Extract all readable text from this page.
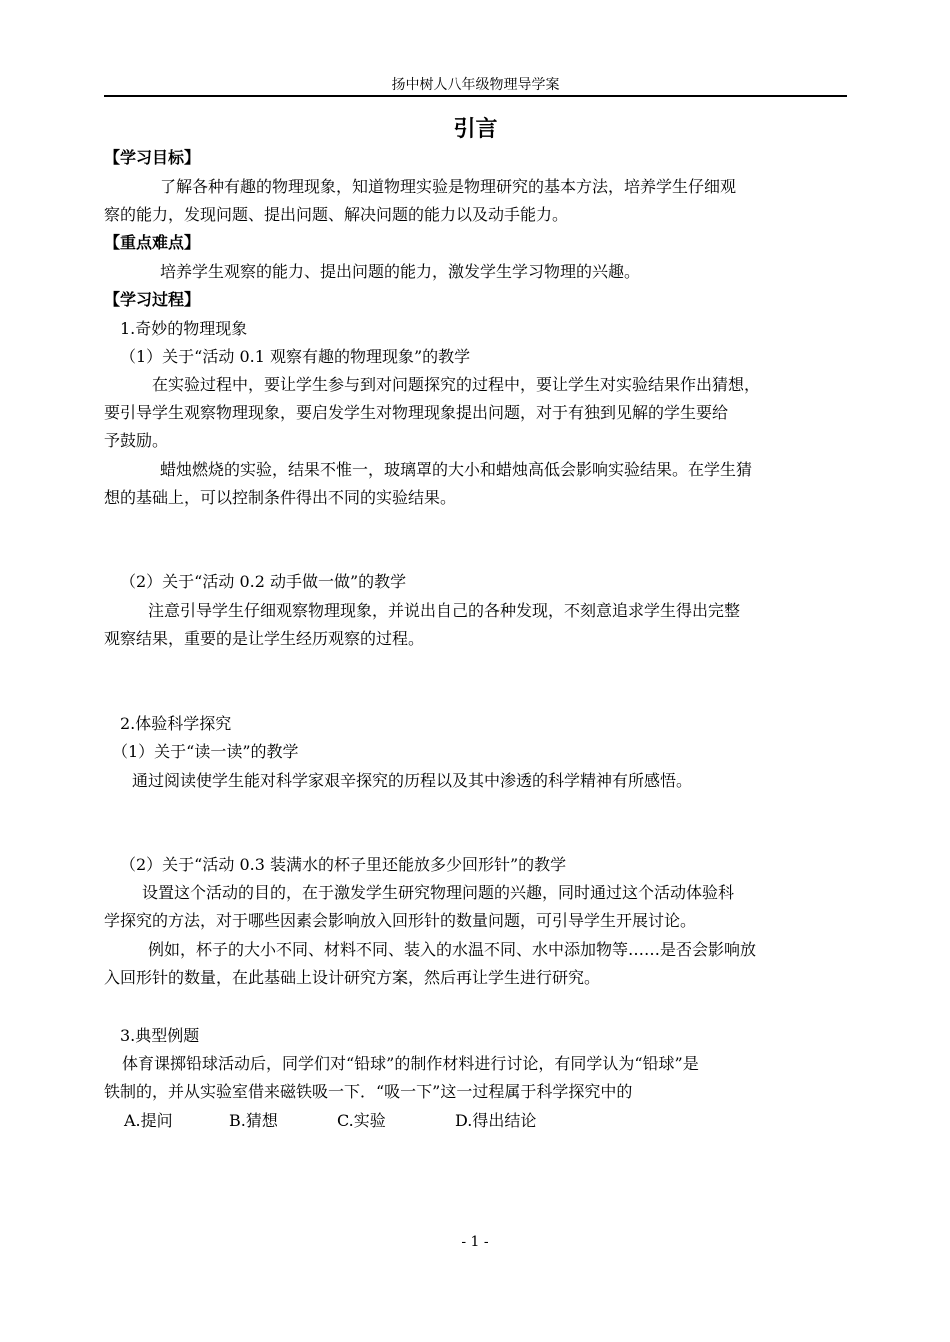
扬中树人八年级物理导学案
引言
【学习目标】
了解各种有趣的物理现象，知道物理实验是物理研究的基本方法，培养学生仔细观
察的能力，发现问题、提出问题、解决问题的能力以及动手能力。
【重点难点】
培养学生观察的能力、提出问题的能力，激发学生学习物理的兴趣。
【学习过程】
1.奇妙的物理现象
（1）关于“活动 0.1 观察有趣的物理现象”的教学
在实验过程中，要让学生参与到对问题探究的过程中，要让学生对实验结果作出猜想，
要引导学生观察物理现象，要启发学生对物理现象提出问题，对于有独到见解的学生要给
予鼓励。
蜡烛燃烧的实验，结果不惟一，玻璃罩的大小和蜡烛高低会影响实验结果。在学生猜
想的基础上，可以控制条件得出不同的实验结果。
（2）关于“活动 0.2 动手做一做”的教学
注意引导学生仔细观察物理现象，并说出自己的各种发现，不刻意追求学生得出完整
观察结果，重要的是让学生经历观察的过程。
2.体验科学探究
（1）关于“读一读”的教学
通过阅读使学生能对科学家艰辛探究的历程以及其中渗透的科学精神有所感悟。
（2）关于“活动 0.3 装满水的杯子里还能放多少回形针”的教学
设置这个活动的目的，在于激发学生研究物理问题的兴趣，同时通过这个活动体验科
学探究的方法，对于哪些因素会影响放入回形针的数量问题，可引导学生开展讨论。
例如，杯子的大小不同、材料不同、装入的水温不同、水中添加物等……是否会影响放
入回形针的数量，在此基础上设计研究方案，然后再让学生进行研究。
3.典型例题
体育课掷铅球活动后，同学们对“铅球”的制作材料进行讨论，有同学认为“铅球”是
铁制的，并从实验室借来磁铁吸一下．“吸一下”这一过程属于科学探究中的
A.提问	B.猜想	C.实验	D.得出结论
- 1 -
